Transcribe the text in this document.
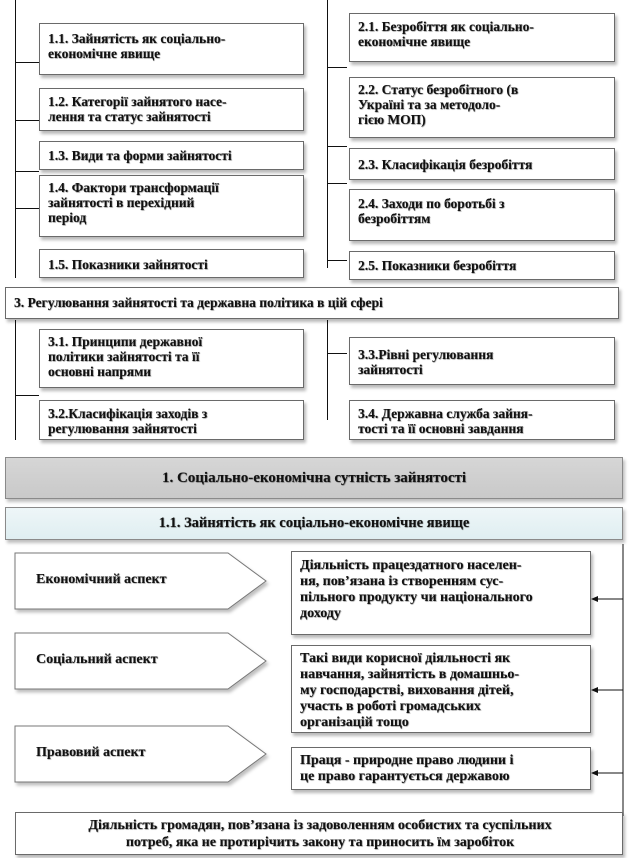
1.1. Зайнятість як соціально-
економічне явище
1.2. Категорії зайнятого насе-
лення та статус зайнятості
1.3. Види та форми зайнятості
1.4. Фактори трансформації
зайнятості в перехідний
період
1.5. Показники зайнятості
2.1. Безробіття як соціально-
економічне явище
2.2. Статус безробітного (в
Україні та за методоло-
гією МОП)
2.3. Класифікація безробіття
2.4. Заходи по боротьбі з
безробіттям
2.5. Показники безробіття
3. Регулювання зайнятості та державна політика в цій сфері
3.1. Принципи державної
політики зайнятості та її
основні напрями
3.2.Класифікація заходів з
регулювання зайнятості
3.3.Рівні регулювання
зайнятості
3.4. Державна служба зайня-
тості та її основні завдання
1. Соціально-економічна сутність зайнятості
1.1. Зайнятість як соціально-економічне явище
Економічний аспект
Соціальний аспект
Правовий аспект
Діяльність працездатного населен-
ня, пов’язана із створенням сус-
пільного продукту чи національного
доходу
Такі види корисної діяльності як
навчання, зайнятість в домашньо-
му господарстві, виховання дітей,
участь в роботі громадських
організацій тощо
Праця - природне право людини і
це право гарантується державою
Діяльність громадян, пов’язана із задоволенням особистих та суспільних
потреб, яка не протирічить закону та приносить їм заробіток
